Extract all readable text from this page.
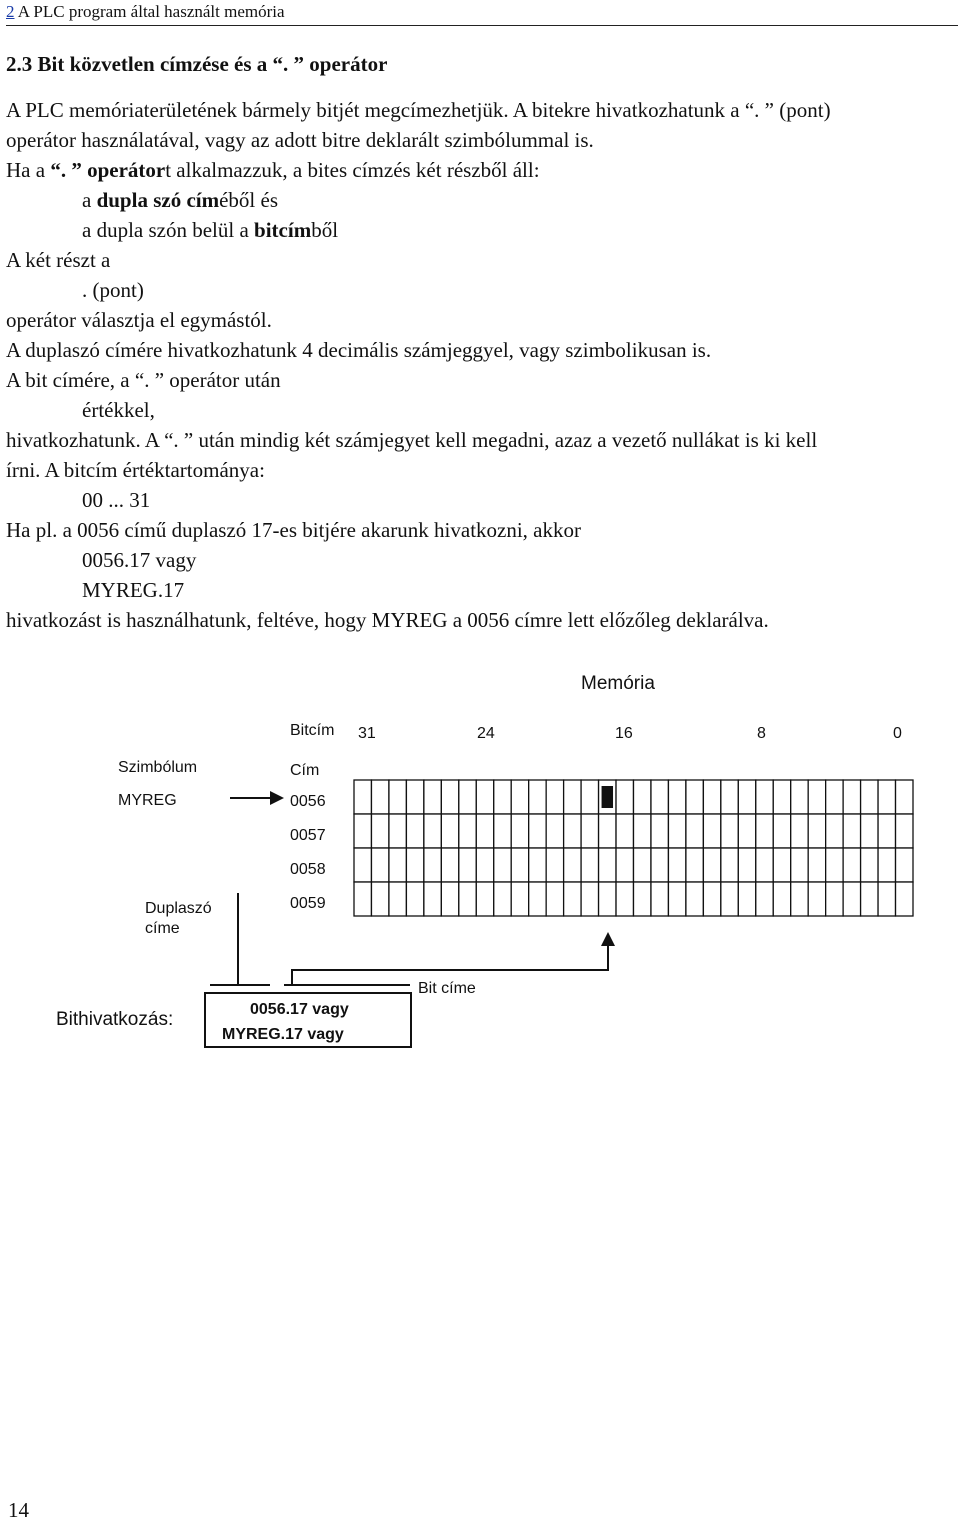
2 A PLC program által használt memória
2.3 Bit közvetlen címzése és a “. ” operátor
A PLC memóriaterületének bármely bitjét megcímezhetjük. A bitekre hivatkozhatunk a “. ” (pont)
operátor használatával, vagy az adott bitre deklarált szimbólummal is.
Ha a “. ” operátort alkalmazzuk, a bites címzés két részből áll:
a dupla szó címéből és
a dupla szón belül a bitcímből
A két részt a
. (pont)
operátor választja el egymástól.
A duplaszó címére hivatkozhatunk 4 decimális számjeggyel, vagy szimbolikusan is.
A bit címére, a “. ” operátor után
értékkel,
hivatkozhatunk. A “. ” után mindig két számjegyet kell megadni, azaz a vezető nullákat is ki kell
írni. A bitcím értéktartománya:
00 ... 31
Ha pl. a 0056 című duplaszó 17-es bitjére akarunk hivatkozni, akkor
0056.17 vagy
MYREG.17
hivatkozást is használhatunk, feltéve, hogy MYREG a 0056 címre lett előzőleg deklarálva.
Memória
Bitcím 31	24	16	8	0
Szimbólum
MYREG
Cím
0056
0057
0058
0059
Duplaszó
címe
Bit címe
0056.17 vagy
MYREG.17 vagy
Bithivatkozás:
14
